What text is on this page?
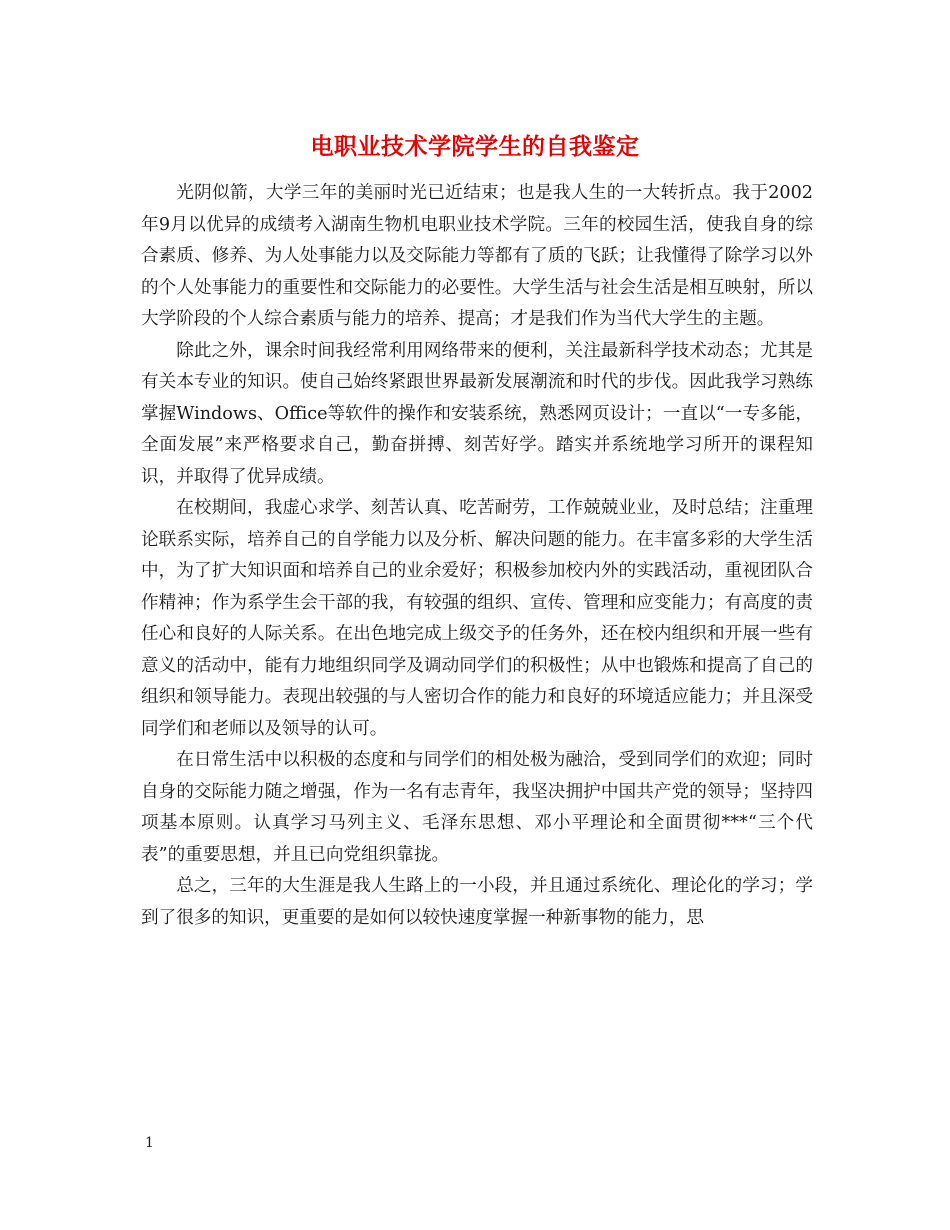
电职业技术学院学生的自我鉴定

光阴似箭，大学三年的美丽时光已近结束；也是我人生的一大转折点。我于2002年9月以优异的成绩考入湖南生物机电职业技术学院。三年的校园生活，使我自身的综合素质、修养、为人处事能力以及交际能力等都有了质的飞跃；让我懂得了除学习以外的个人处事能力的重要性和交际能力的必要性。大学生活与社会生活是相互映射，所以大学阶段的个人综合素质与能力的培养、提高；才是我们作为当代大学生的主题。

除此之外，课余时间我经常利用网络带来的便利，关注最新科学技术动态；尤其是有关本专业的知识。使自己始终紧跟世界最新发展潮流和时代的步伐。因此我学习熟练掌握Windows、Office等软件的操作和安装系统，熟悉网页设计；一直以“一专多能，全面发展”来严格要求自己，勤奋拼搏、刻苦好学。踏实并系统地学习所开的课程知识，并取得了优异成绩。

在校期间，我虚心求学、刻苦认真、吃苦耐劳，工作兢兢业业，及时总结；注重理论联系实际，培养自己的自学能力以及分析、解决问题的能力。在丰富多彩的大学生活中，为了扩大知识面和培养自己的业余爱好；积极参加校内外的实践活动，重视团队合作精神；作为系学生会干部的我，有较强的组织、宣传、管理和应变能力；有高度的责任心和良好的人际关系。在出色地完成上级交予的任务外，还在校内组织和开展一些有意义的活动中，能有力地组织同学及调动同学们的积极性；从中也锻炼和提高了自己的组织和领导能力。表现出较强的与人密切合作的能力和良好的环境适应能力；并且深受同学们和老师以及领导的认可。

在日常生活中以积极的态度和与同学们的相处极为融洽，受到同学们的欢迎；同时自身的交际能力随之增强，作为一名有志青年，我坚决拥护中国共产党的领导；坚持四项基本原则。认真学习马列主义、毛泽东思想、邓小平理论和全面贯彻***“三个代表”的重要思想，并且已向党组织靠拢。

总之，三年的大生涯是我人生路上的一小段，并且通过系统化、理论化的学习；学到了很多的知识，更重要的是如何以较快速度掌握一种新事物的能力，思

1
